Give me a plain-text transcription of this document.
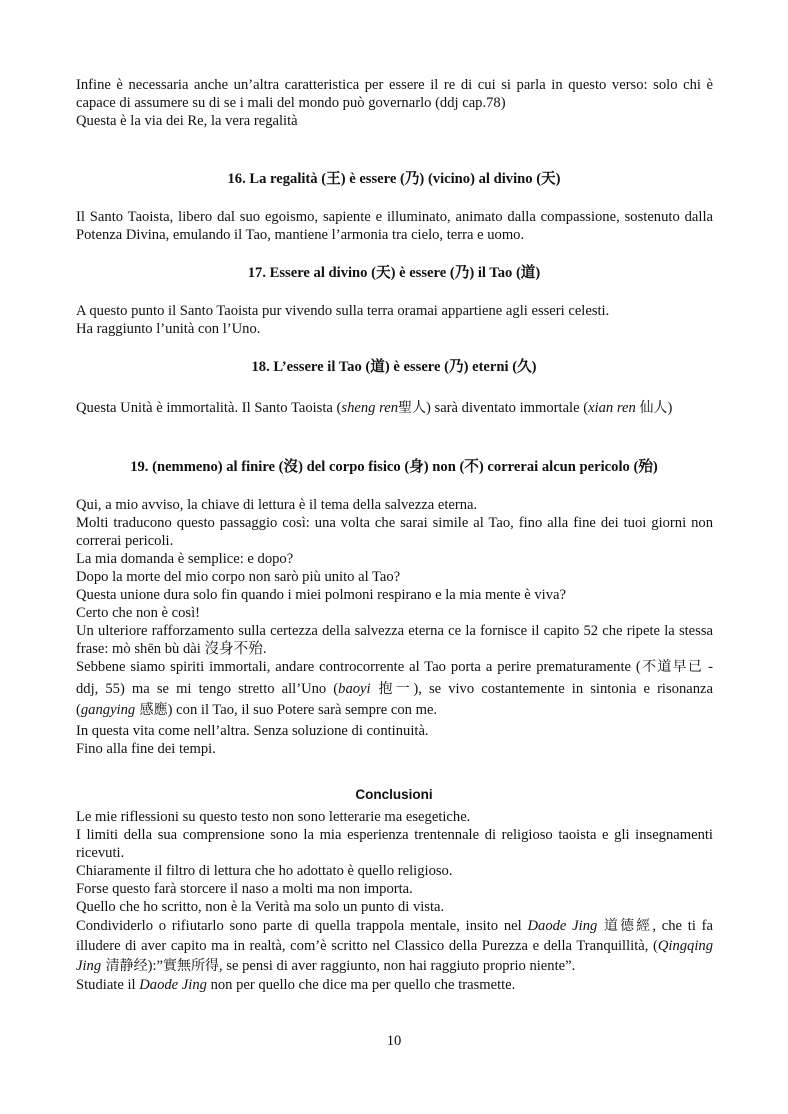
Infine è necessaria anche un’altra caratteristica per essere il re di cui si parla in questo verso: solo chi è capace di assumere su di se i mali del mondo può governarlo (ddj cap.78)

Questa è la via dei Re, la vera regalità

16. La regalità (王) è essere (乃) (vicino) al divino (天)

Il Santo Taoista, libero dal suo egoismo, sapiente e illuminato, animato dalla compassione, sostenuto dalla Potenza Divina, emulando il Tao, mantiene l’armonia tra cielo, terra e uomo.

17. Essere al divino (天) è essere (乃) il Tao (道)

A questo punto il Santo Taoista pur vivendo sulla terra oramai appartiene agli esseri celesti.

Ha raggiunto l’unità con l’Uno.

18. L’essere il Tao (道) è essere (乃) eterni (久)

Questa Unità è immortalità. Il Santo Taoista (sheng ren聖人) sarà diventato immortale (xian ren 仙人)

19. (nemmeno) al finire (沒) del corpo fisico (身) non (不) correrai alcun pericolo (殆)

Qui, a mio avviso, la chiave di lettura è il tema della salvezza eterna.

Molti traducono questo passaggio così: una volta che sarai simile al Tao, fino alla fine dei tuoi giorni non correrai pericoli.

La mia domanda è semplice: e dopo?

Dopo la morte del mio corpo non sarò più unito al Tao?

Questa unione dura solo fin quando i miei polmoni respirano e la mia mente è viva?

Certo che non è così!

Un ulteriore rafforzamento sulla certezza della salvezza eterna ce la fornisce il capito 52 che ripete la stessa frase: mò shēn bù dài 沒身不殆.

Sebbene siamo spiriti immortali, andare controcorrente al Tao porta a perire prematuramente (不道早已 - ddj, 55) ma se mi tengo stretto all’Uno (baoyi 抱一), se vivo costantemente in sintonia e risonanza (gangying 感應) con il Tao, il suo Potere sarà sempre con me.

In questa vita come nell’altra. Senza soluzione di continuità.

Fino alla fine dei tempi.

Conclusioni

Le mie riflessioni su questo testo non sono letterarie ma esegetiche.

I limiti della sua comprensione sono la mia esperienza trentennale di religioso taoista e gli insegnamenti ricevuti.

Chiaramente il filtro di lettura che ho adottato è quello religioso.

Forse questo farà storcere il naso a molti ma non importa.

Quello che ho scritto, non è la Verità ma solo un punto di vista.

Condividerlo o rifiutarlo sono parte di quella trappola mentale, insito nel Daode Jing 道德經, che ti fa illudere di aver capito ma in realtà, com’è scritto nel Classico della Purezza e della Tranquillità, (Qingqing Jing 清静经):”實無所得, se pensi di aver raggiunto, non hai raggiuto proprio niente”.

Studiate il Daode Jing non per quello che dice ma per quello che trasmette.

10
